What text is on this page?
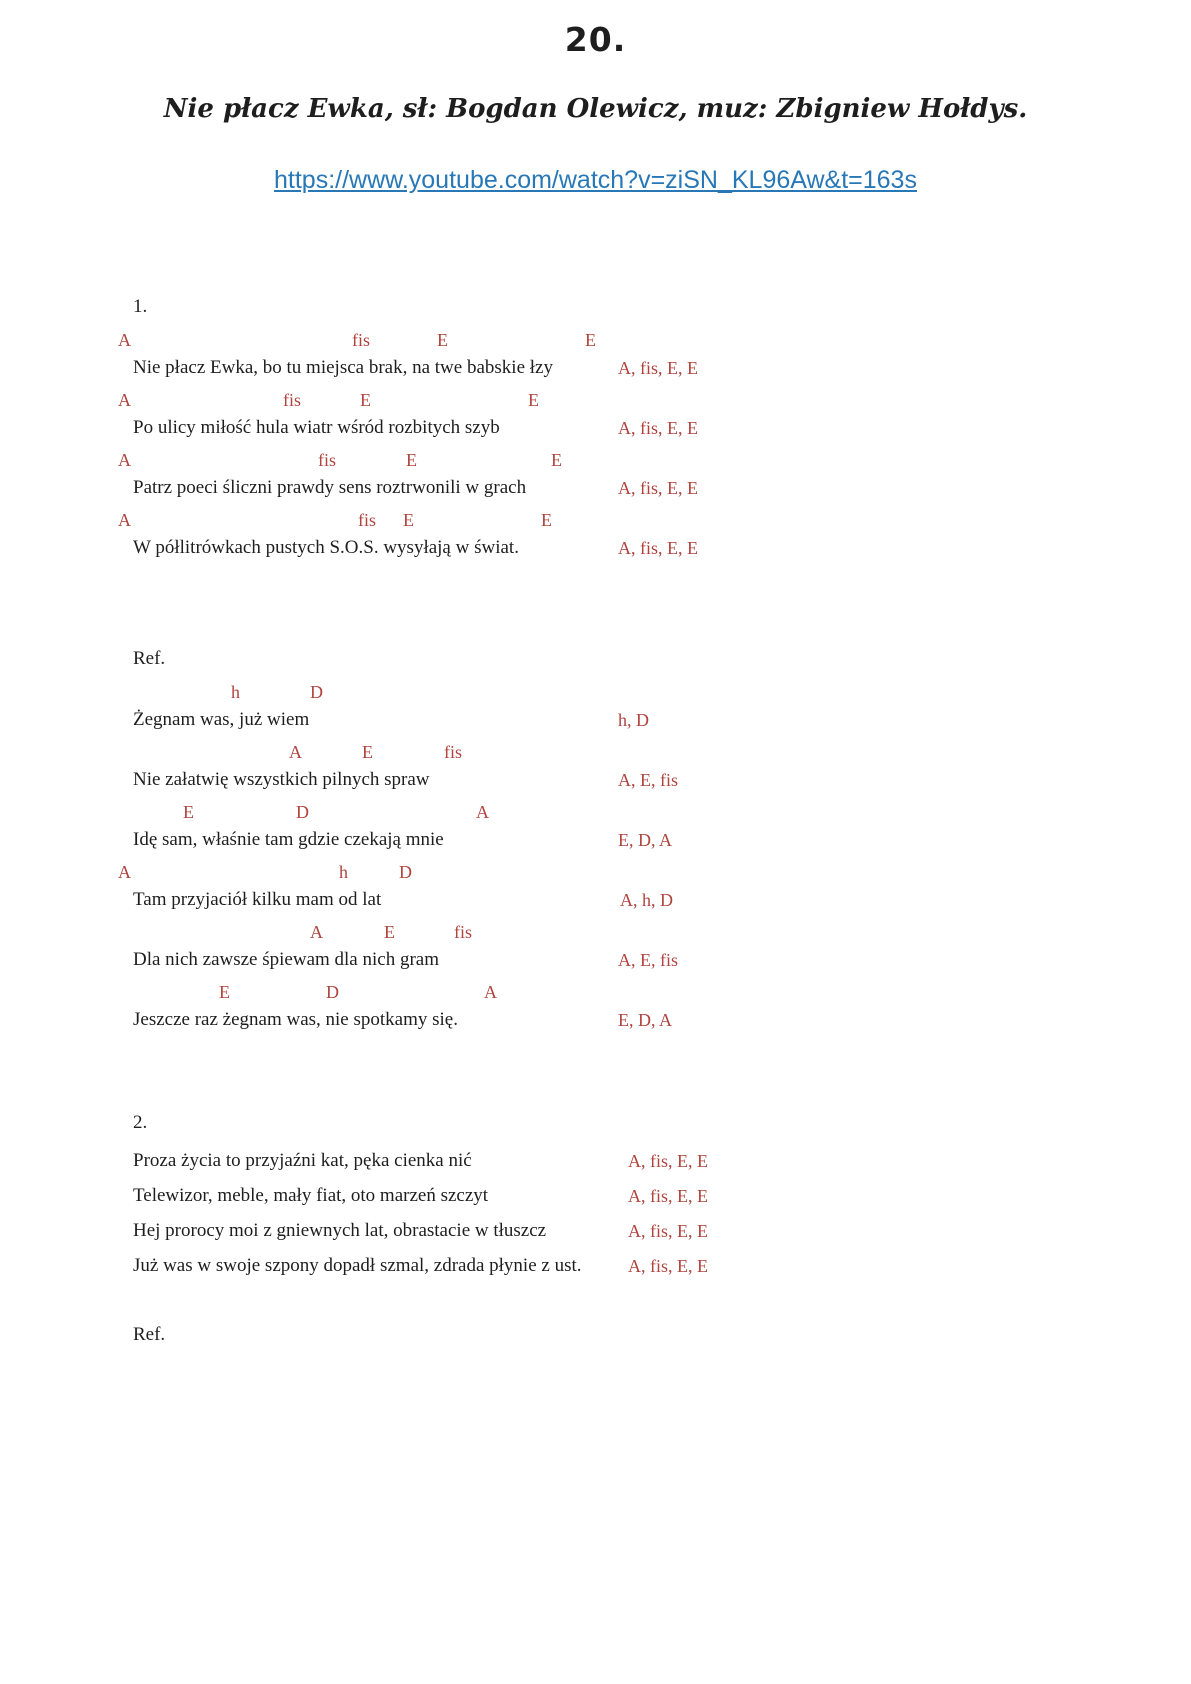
20.
Nie płacz Ewka, sł: Bogdan Olewicz, muz: Zbigniew Hołdys.
https://www.youtube.com/watch?v=ziSN_KL96Aw&t=163s
1.
A	fis	E	E
Nie płacz Ewka, bo tu miejsca brak, na twe babskie łzy	A, fis, E, E
A	fis	E	E
Po ulicy miłość hula wiatr wśród rozbitych szyb	A, fis, E, E
A	fis	E	E
Patrz poeci śliczni prawdy sens roztrwonili w grach	A, fis, E, E
A	fis E	E
W półlitrówkach pustych S.O.S. wysyłają w świat.	A, fis, E, E
Ref.
h	D
Żegnam was, już wiem	h, D
A	E	fis
Nie załatwię wszystkich pilnych spraw	A, E, fis
E	D	A
Idę sam, właśnie tam gdzie czekają mnie	E, D, A
A	h	D
Tam przyjaciół kilku mam od lat	A, h, D
A	E	fis
Dla nich zawsze śpiewam dla nich gram	A, E, fis
E	D	A
Jeszcze raz żegnam was, nie spotkamy się.	E, D, A
2.
Proza życia to przyjaźni kat, pęka cienka nić	A, fis, E, E
Telewizor, meble, mały fiat, oto marzeń szczyt	A, fis, E, E
Hej prorocy moi z gniewnych lat, obrastacie w tłuszcz	A, fis, E, E
Już was w swoje szpony dopadł szmal, zdrada płynie z ust.	A, fis, E, E
Ref.
